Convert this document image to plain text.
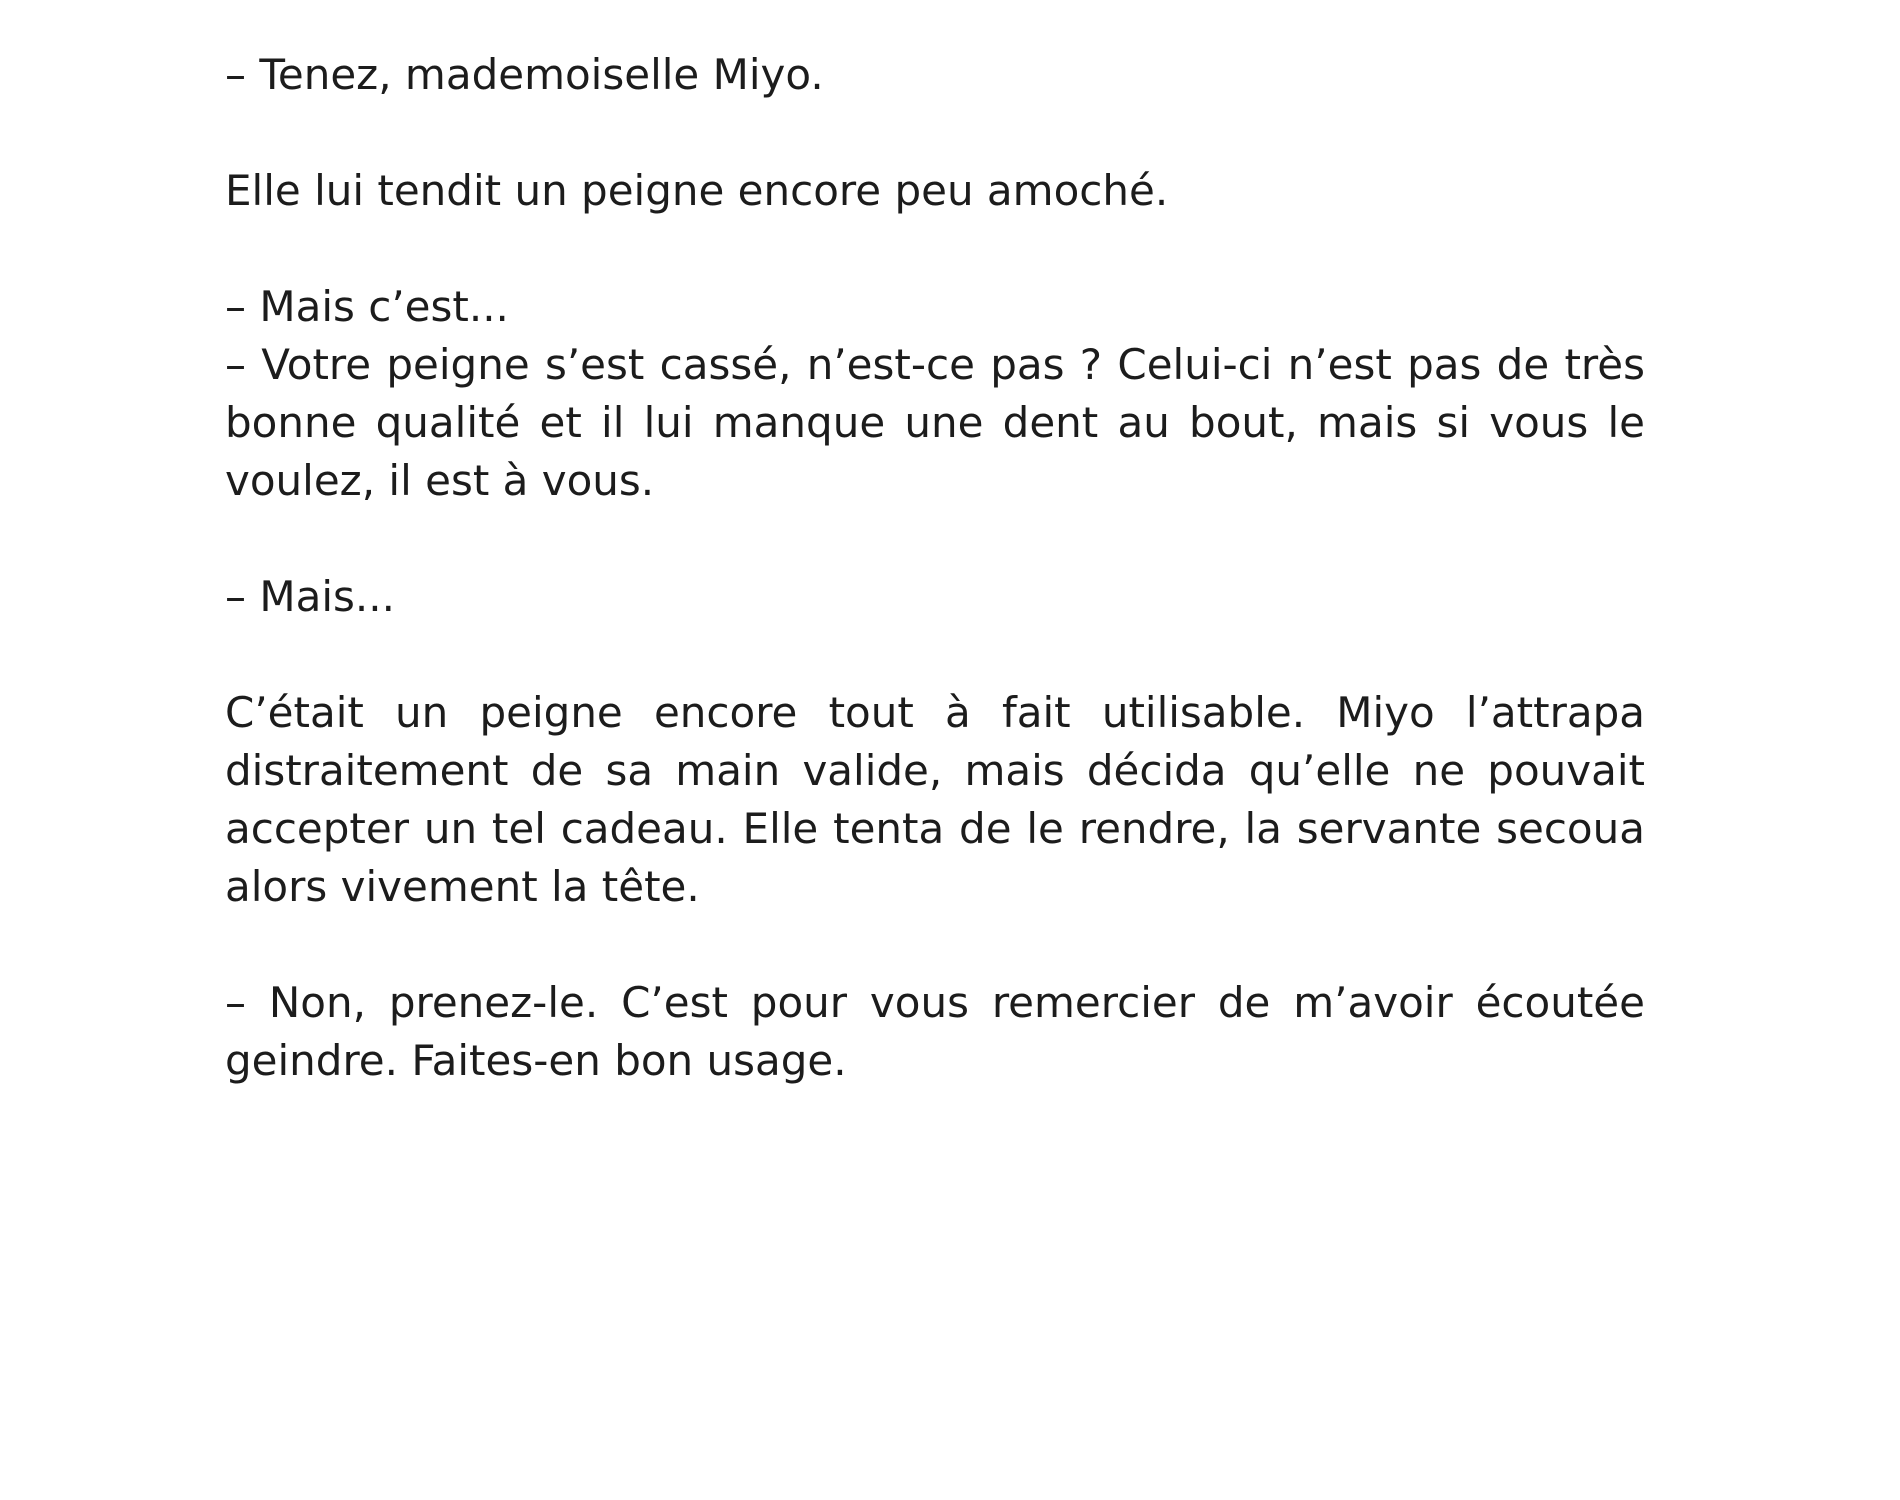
– Tenez, mademoiselle Miyo.

Elle lui tendit un peigne encore peu amoché.

– Mais c’est...

– Votre peigne s’est cassé, n’est-ce pas ? Celui-ci n’est pas de très bonne qualité et il lui manque une dent au bout, mais si vous le voulez, il est à vous.

– Mais...

C’était un peigne encore tout à fait utilisable. Miyo l’attrapa distraitement de sa main valide, mais décida qu’elle ne pouvait accepter un tel cadeau. Elle tenta de le rendre, la servante secoua alors vivement la tête.

– Non, prenez-le. C’est pour vous remercier de m’avoir écoutée geindre. Faites-en bon usage.
